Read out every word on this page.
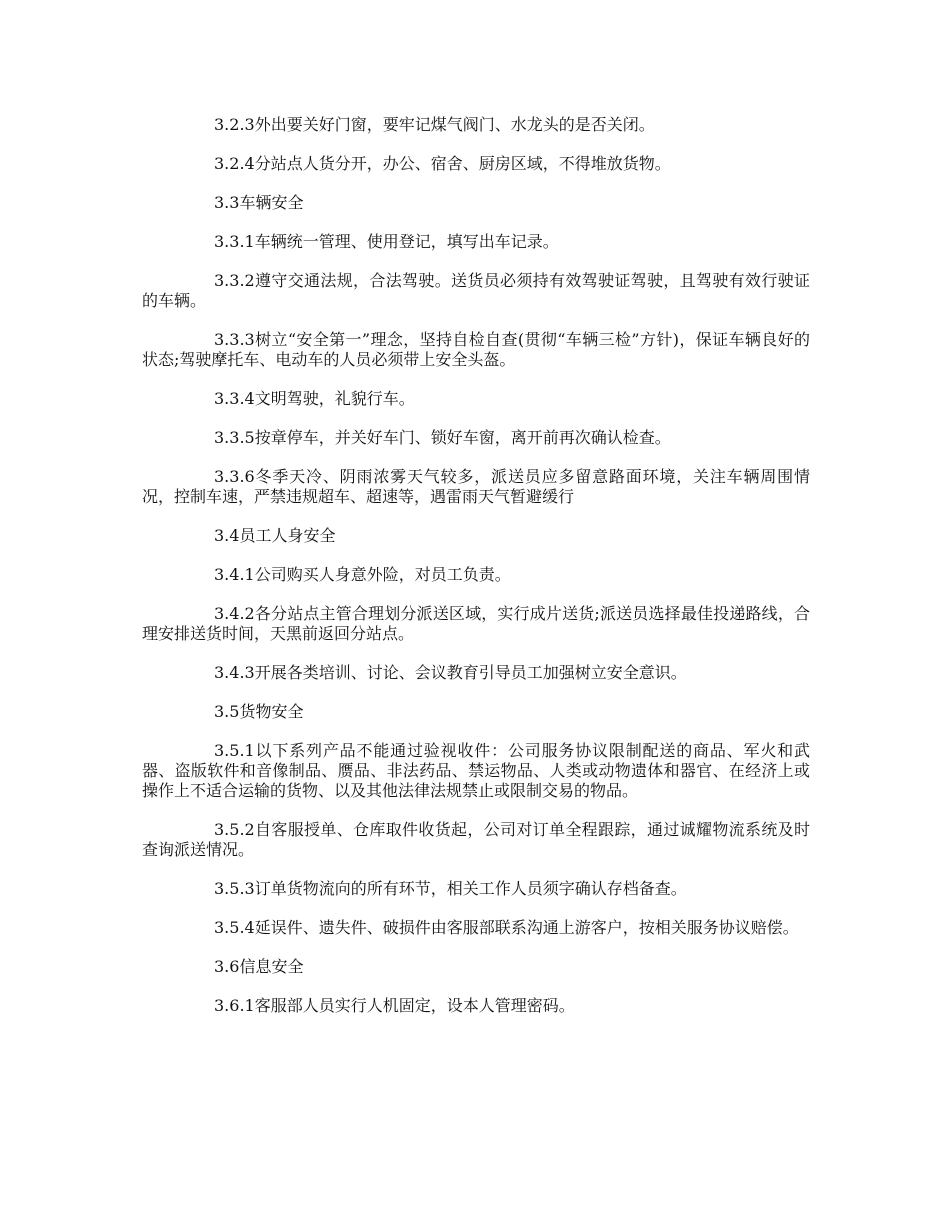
3.2.3外出要关好门窗，要牢记煤气阀门、水龙头的是否关闭。

3.2.4分站点人货分开，办公、宿舍、厨房区域，不得堆放货物。

3.3车辆安全

3.3.1车辆统一管理、使用登记，填写出车记录。

3.3.2遵守交通法规，合法驾驶。送货员必须持有效驾驶证驾驶，且驾驶有效行驶证的车辆。

3.3.3树立“安全第一”理念，坚持自检自查(贯彻“车辆三检”方针)，保证车辆良好的状态;驾驶摩托车、电动车的人员必须带上安全头盔。

3.3.4文明驾驶，礼貌行车。

3.3.5按章停车，并关好车门、锁好车窗，离开前再次确认检查。

3.3.6冬季天冷、阴雨浓雾天气较多，派送员应多留意路面环境，关注车辆周围情况，控制车速，严禁违规超车、超速等，遇雷雨天气暂避缓行

3.4员工人身安全

3.4.1公司购买人身意外险，对员工负责。

3.4.2各分站点主管合理划分派送区域，实行成片送货;派送员选择最佳投递路线，合理安排送货时间，天黑前返回分站点。

3.4.3开展各类培训、讨论、会议教育引导员工加强树立安全意识。

3.5货物安全

3.5.1以下系列产品不能通过验视收件：公司服务协议限制配送的商品、军火和武器、盗版软件和音像制品、赝品、非法药品、禁运物品、人类或动物遗体和器官、在经济上或操作上不适合运输的货物、以及其他法律法规禁止或限制交易的物品。

3.5.2自客服授单、仓库取件收货起，公司对订单全程跟踪，通过诚耀物流系统及时查询派送情况。

3.5.3订单货物流向的所有环节，相关工作人员须字确认存档备查。

3.5.4延误件、遗失件、破损件由客服部联系沟通上游客户，按相关服务协议赔偿。

3.6信息安全

3.6.1客服部人员实行人机固定，设本人管理密码。
